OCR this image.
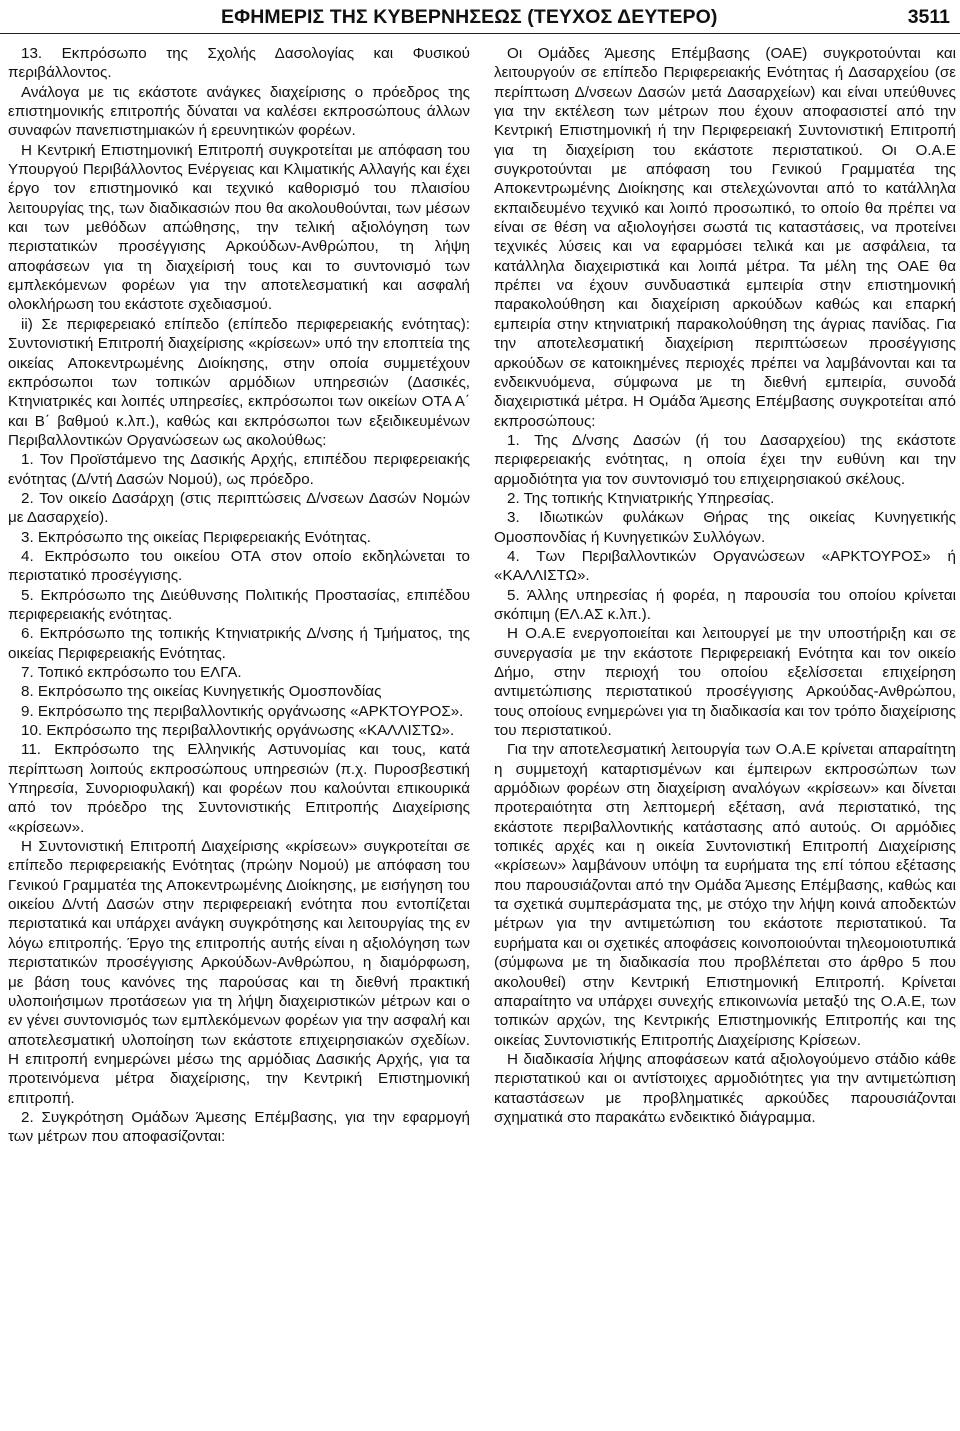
ΕΦΗΜΕΡΙΣ ΤΗΣ ΚΥΒΕΡΝΗΣΕΩΣ (ΤΕΥΧΟΣ ΔΕΥΤΕΡΟ)	3511

13. Εκπρόσωπο της Σχολής Δασολογίας και Φυσικού περιβάλλοντος.

Ανάλογα με τις εκάστοτε ανάγκες διαχείρισης ο πρόεδρος της επιστημονικής επιτροπής δύναται να καλέσει εκπροσώπους άλλων συναφών πανεπιστημιακών ή ερευνητικών φορέων.

Η Κεντρική Επιστημονική Επιτροπή συγκροτείται με απόφαση του Υπουργού Περιβάλλοντος Ενέργειας και Κλιματικής Αλλαγής και έχει έργο τον επιστημονικό και τεχνικό καθορισμό του πλαισίου λειτουργίας της, των διαδικασιών που θα ακολουθούνται, των μέσων και των μεθόδων απώθησης, την τελική αξιολόγηση των περιστατικών προσέγγισης Αρκούδων-Ανθρώπου, τη λήψη αποφάσεων για τη διαχείρισή τους και το συντονισμό των εμπλεκόμενων φορέων για την αποτελεσματική και ασφαλή ολοκλήρωση του εκάστοτε σχεδιασμού.

ii) Σε περιφερειακό επίπεδο (επίπεδο περιφερειακής ενότητας): Συντονιστική Επιτροπή διαχείρισης «κρίσεων» υπό την εποπτεία της οικείας Αποκεντρωμένης Διοίκησης, στην οποία συμμετέχουν εκπρόσωποι των τοπικών αρμόδιων υπηρεσιών (Δασικές, Κτηνιατρικές και λοιπές υπηρεσίες, εκπρόσωποι των οικείων ΟΤΑ Α΄ και Β΄ βαθμού κ.λπ.), καθώς και εκπρόσωποι των εξειδικευμένων Περιβαλλοντικών Οργανώσεων ως ακολούθως:

1. Τον Προϊστάμενο της Δασικής Αρχής, επιπέδου περιφερειακής ενότητας (Δ/ντή Δασών Νομού), ως πρόεδρο.

2. Τον οικείο Δασάρχη (στις περιπτώσεις Δ/νσεων Δασών Νομών με Δασαρχείο).

3. Εκπρόσωπο της οικείας Περιφερειακής Ενότητας.

4. Εκπρόσωπο του οικείου ΟΤΑ στον οποίο εκδηλώνεται το περιστατικό προσέγγισης.

5. Εκπρόσωπο της Διεύθυνσης Πολιτικής Προστασίας, επιπέδου περιφερειακής ενότητας.

6. Εκπρόσωπο της τοπικής Κτηνιατρικής Δ/νσης ή Τμήματος, της οικείας Περιφερειακής Ενότητας.

7. Τοπικό εκπρόσωπο του ΕΛΓΑ.

8. Εκπρόσωπο της οικείας Κυνηγετικής Ομοσπονδίας

9. Εκπρόσωπο της περιβαλλοντικής οργάνωσης «ΑΡΚΤΟΥΡΟΣ».

10. Εκπρόσωπο της περιβαλλοντικής οργάνωσης «ΚΑΛΛΙΣΤΩ».

11. Εκπρόσωπο της Ελληνικής Αστυνομίας και τους, κατά περίπτωση λοιπούς εκπροσώπους υπηρεσιών (π.χ. Πυροσβεστική Υπηρεσία, Συνοριοφυλακή) και φορέων που καλούνται επικουρικά από τον πρόεδρο της Συντονιστικής Επιτροπής Διαχείρισης «κρίσεων».

Η Συντονιστική Επιτροπή Διαχείρισης «κρίσεων» συγκροτείται σε επίπεδο περιφερειακής Ενότητας (πρώην Νομού) με απόφαση του Γενικού Γραμματέα της Αποκεντρωμένης Διοίκησης, με εισήγηση του οικείου Δ/ντή Δασών στην περιφερειακή ενότητα που εντοπίζεται περιστατικά και υπάρχει ανάγκη συγκρότησης και λειτουργίας της εν λόγω επιτροπής. Έργο της επιτροπής αυτής είναι η αξιολόγηση των περιστατικών προσέγγισης Αρκούδων-Ανθρώπου, η διαμόρφωση, με βάση τους κανόνες της παρούσας και τη διεθνή πρακτική υλοποιήσιμων προτάσεων για τη λήψη διαχειριστικών μέτρων και ο εν γένει συντονισμός των εμπλεκόμενων φορέων για την ασφαλή και αποτελεσματική υλοποίηση των εκάστοτε επιχειρησιακών σχεδίων. Η επιτροπή ενημερώνει μέσω της αρμόδιας Δασικής Αρχής, για τα προτεινόμενα μέτρα διαχείρισης, την Κεντρική Επιστημονική επιτροπή.

2. Συγκρότηση Ομάδων Άμεσης Επέμβασης, για την εφαρμογή των μέτρων που αποφασίζονται:

Οι Ομάδες Άμεσης Επέμβασης (ΟΑΕ) συγκροτούνται και λειτουργούν σε επίπεδο Περιφερειακής Ενότητας ή Δασαρχείου (σε περίπτωση Δ/νσεων Δασών μετά Δασαρχείων) και είναι υπεύθυνες για την εκτέλεση των μέτρων που έχουν αποφασιστεί από την Κεντρική Επιστημονική ή την Περιφερειακή Συντονιστική Επιτροπή για τη διαχείριση του εκάστοτε περιστατικού. Οι Ο.Α.Ε συγκροτούνται με απόφαση του Γενικού Γραμματέα της Αποκεντρωμένης Διοίκησης και στελεχώνονται από το κατάλληλα εκπαιδευμένο τεχνικό και λοιπό προσωπικό, το οποίο θα πρέπει να είναι σε θέση να αξιολογήσει σωστά τις καταστάσεις, να προτείνει τεχνικές λύσεις και να εφαρμόσει τελικά και με ασφάλεια, τα κατάλληλα διαχειριστικά και λοιπά μέτρα. Τα μέλη της ΟΑΕ θα πρέπει να έχουν συνδυαστικά εμπειρία στην επιστημονική παρακολούθηση και διαχείριση αρκούδων καθώς και επαρκή εμπειρία στην κτηνιατρική παρακολούθηση της άγριας πανίδας. Για την αποτελεσματική διαχείριση περιπτώσεων προσέγγισης αρκούδων σε κατοικημένες περιοχές πρέπει να λαμβάνονται και τα ενδεικνυόμενα, σύμφωνα με τη διεθνή εμπειρία, συνοδά διαχειριστικά μέτρα. Η Ομάδα Άμεσης Επέμβασης συγκροτείται από εκπροσώπους:

1. Της Δ/νσης Δασών (ή του Δασαρχείου) της εκάστοτε περιφερειακής ενότητας, η οποία έχει την ευθύνη και την αρμοδιότητα για τον συντονισμό του επιχειρησιακού σκέλους.

2. Της τοπικής Κτηνιατρικής Υπηρεσίας.

3. Ιδιωτικών φυλάκων Θήρας της οικείας Κυνηγετικής Ομοσπονδίας ή Κυνηγετικών Συλλόγων.

4. Των Περιβαλλοντικών Οργανώσεων «ΑΡΚΤΟΥΡΟΣ» ή «ΚΑΛΛΙΣΤΩ».

5. Άλλης υπηρεσίας ή φορέα, η παρουσία του οποίου κρίνεται σκόπιμη (ΕΛ.ΑΣ κ.λπ.).

Η Ο.Α.Ε ενεργοποιείται και λειτουργεί με την υποστήριξη και σε συνεργασία με την εκάστοτε Περιφερειακή Ενότητα και τον οικείο Δήμο, στην περιοχή του οποίου εξελίσσεται επιχείρηση αντιμετώπισης περιστατικού προσέγγισης Αρκούδας-Ανθρώπου, τους οποίους ενημερώνει για τη διαδικασία και τον τρόπο διαχείρισης του περιστατικού.

Για την αποτελεσματική λειτουργία των Ο.Α.Ε κρίνεται απαραίτητη η συμμετοχή καταρτισμένων και έμπειρων εκπροσώπων των αρμόδιων φορέων στη διαχείριση αναλόγων «κρίσεων» και δίνεται προτεραιότητα στη λεπτομερή εξέταση, ανά περιστατικό, της εκάστοτε περιβαλλοντικής κατάστασης από αυτούς. Οι αρμόδιες τοπικές αρχές και η οικεία Συντονιστική Επιτροπή Διαχείρισης «κρίσεων» λαμβάνουν υπόψη τα ευρήματα της επί τόπου εξέτασης που παρουσιάζονται από την Ομάδα Άμεσης Επέμβασης, καθώς και τα σχετικά συμπεράσματα της, με στόχο την λήψη κοινά αποδεκτών μέτρων για την αντιμετώπιση του εκάστοτε περιστατικού. Τα ευρήματα και οι σχετικές αποφάσεις κοινοποιούνται τηλεομοιοτυπικά (σύμφωνα με τη διαδικασία που προβλέπεται στο άρθρο 5 που ακολουθεί) στην Κεντρική Επιστημονική Επιτροπή. Κρίνεται απαραίτητο να υπάρχει συνεχής επικοινωνία μεταξύ της Ο.Α.Ε, των τοπικών αρχών, της Κεντρικής Επιστημονικής Επιτροπής και της οικείας Συντονιστικής Επιτροπής Διαχείρισης Κρίσεων.

Η διαδικασία λήψης αποφάσεων κατά αξιολογούμενο στάδιο κάθε περιστατικού και οι αντίστοιχες αρμοδιότητες για την αντιμετώπιση καταστάσεων με προβληματικές αρκούδες παρουσιάζονται σχηματικά στο παρακάτω ενδεικτικό διάγραμμα.
